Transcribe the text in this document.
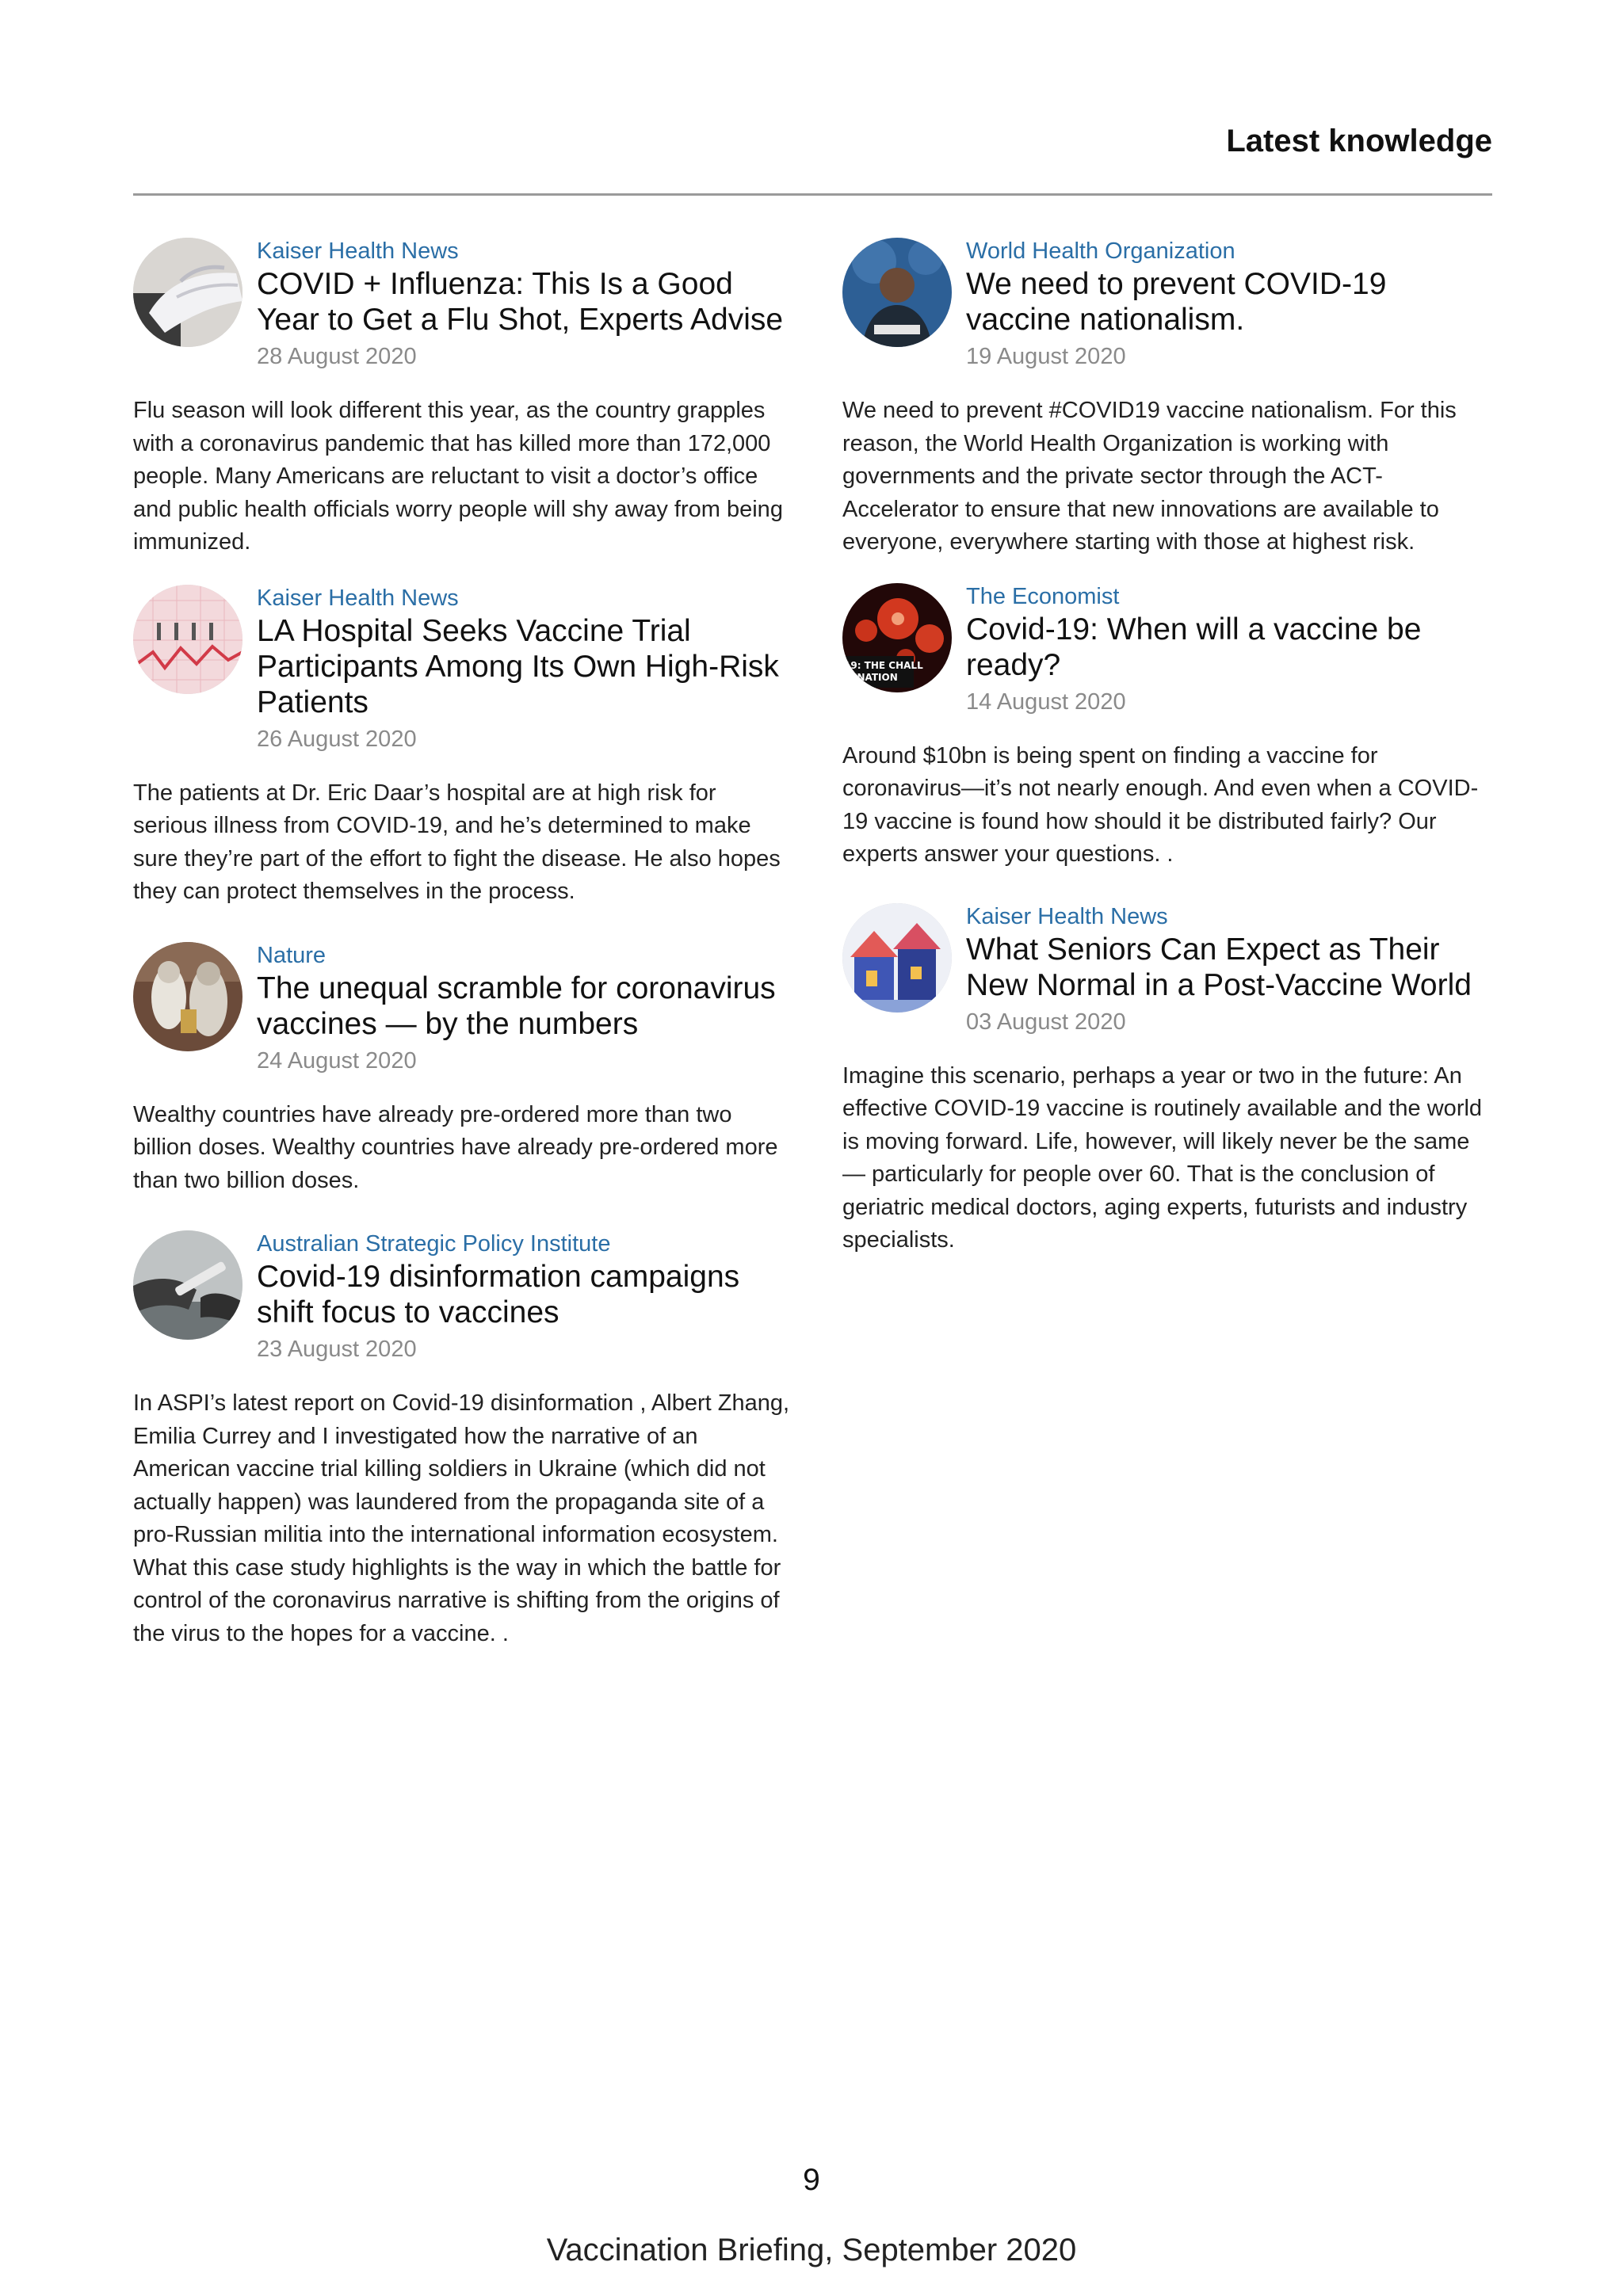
Latest knowledge
Kaiser Health News
COVID + Influenza: This Is a Good Year to Get a Flu Shot, Experts Advise
28 August 2020
Flu season will look different this year, as the country grapples with a coronavirus pandemic that has killed more than 172,000 people. Many Americans are reluctant to visit a doctor’s office and public health officials worry people will shy away from being immunized.
Kaiser Health News
LA Hospital Seeks Vaccine Trial Participants Among Its Own High-Risk Patients
26 August 2020
The patients at Dr. Eric Daar’s hospital are at high risk for serious illness from COVID-19, and he’s determined to make sure they’re part of the effort to fight the disease. He also hopes they can protect themselves in the process.
Nature
The unequal scramble for coronavirus vaccines — by the numbers
24 August 2020
Wealthy countries have already pre-ordered more than two billion doses. Wealthy countries have already pre-ordered more than two billion doses.
Australian Strategic Policy Institute
Covid-19 disinformation campaigns shift focus to vaccines
23 August 2020
In ASPI’s latest report on Covid-19 disinformation , Albert Zhang, Emilia Currey and I investigated how the narrative of an American vaccine trial killing soldiers in Ukraine (which did not actually happen) was laundered from the propaganda site of a pro-Russian militia into the international information ecosystem. What this case study highlights is the way in which the battle for control of the coronavirus narrative is shifting from the origins of the virus to the hopes for a vaccine. .
World Health Organization
We need to prevent COVID-19 vaccine nationalism.
19 August 2020
We need to prevent #COVID19 vaccine nationalism. For this reason, the World Health Organization is working with governments and the private sector through the ACT-Accelerator to ensure that new innovations are available to everyone, everywhere starting with those at highest risk.
19: THE CHALL
INATION
The Economist
Covid-19: When will a vaccine be ready?
14 August 2020
Around $10bn is being spent on finding a vaccine for coronavirus—it’s not nearly enough. And even when a COVID-19 vaccine is found how should it be distributed fairly? Our experts answer your questions. .
Kaiser Health News
What Seniors Can Expect as Their New Normal in a Post-Vaccine World
03 August 2020
Imagine this scenario, perhaps a year or two in the future: An effective COVID-19 vaccine is routinely available and the world is moving forward. Life, however, will likely never be the same — particularly for people over 60. That is the conclusion of geriatric medical doctors, aging experts, futurists and industry specialists.
9
Vaccination Briefing, September 2020
